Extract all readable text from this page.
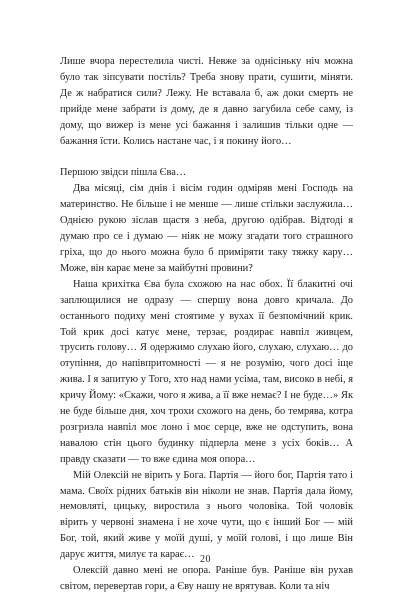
Лише вчора перестелила чисті. Невже за однісіньку ніч можна було так зіпсувати постіль? Треба знову прати, сушити, міняти. Де ж набратися сили? Лежу. Не вставала б, аж доки смерть не прийде мене забрати із дому, де я давно загубила себе саму, із дому, що вижер із мене усі бажання і залишив тільки одне — бажання їсти. Колись настане час, і я покину його…

Першою звідси пішла Єва…

Два місяці, сім днів і вісім годин одміряв мені Господь на материнство. Не більше і не менше — лише стільки заслужила… Однією рукою зіслав щастя з неба, другою одібрав. Відтоді я думаю про се і думаю — ніяк не можу згадати того страшного гріха, що до нього можна було б приміряти таку тяжку кару… Може, він карає мене за майбутні провини?

Наша крихітка Єва була схожою на нас обох. Її блакитні очі заплющилися не одразу — спершу вона довго кричала. До останнього подиху мені стоятиме у вухах її безпомічний крик. Той крик досі катує мене, терзає, роздирає навпіл живцем, трусить голову… Я одержимо слухаю його, слухаю, слухаю… до отупіння, до напівпритомності — я не розумію, чого досі іще жива. І я запитую у Того, хто над нами усіма, там, високо в небі, я кричу Йому: «Скажи, чого я жива, а її вже немає? І не буде…» Як не буде більше дня, хоч трохи схожого на день, бо темрява, котра розгризла навпіл моє лоно і моє серце, вже не одступить, вона навалою стін цього будинку підперла мене з усіх боків… А правду сказати — то вже єдина моя опора…

Мій Олексій не вірить у Бога. Партія — його бог, Партія тато і мама. Своїх рідних батьків він ніколи не знав. Партія дала йому, немовляті, цицьку, виростила з нього чоловіка. Той чоловік вірить у червоні знамена і не хоче чути, що є інший Бог — мій Бог, той, який живе у моїй душі, у моїй голові, і що лише Він дарує життя, милує та карає…

Олексій давно мені не опора. Раніше був. Раніше він рухав світом, перевертав гори, а Єву нашу не врятував. Коли та ніч

20
